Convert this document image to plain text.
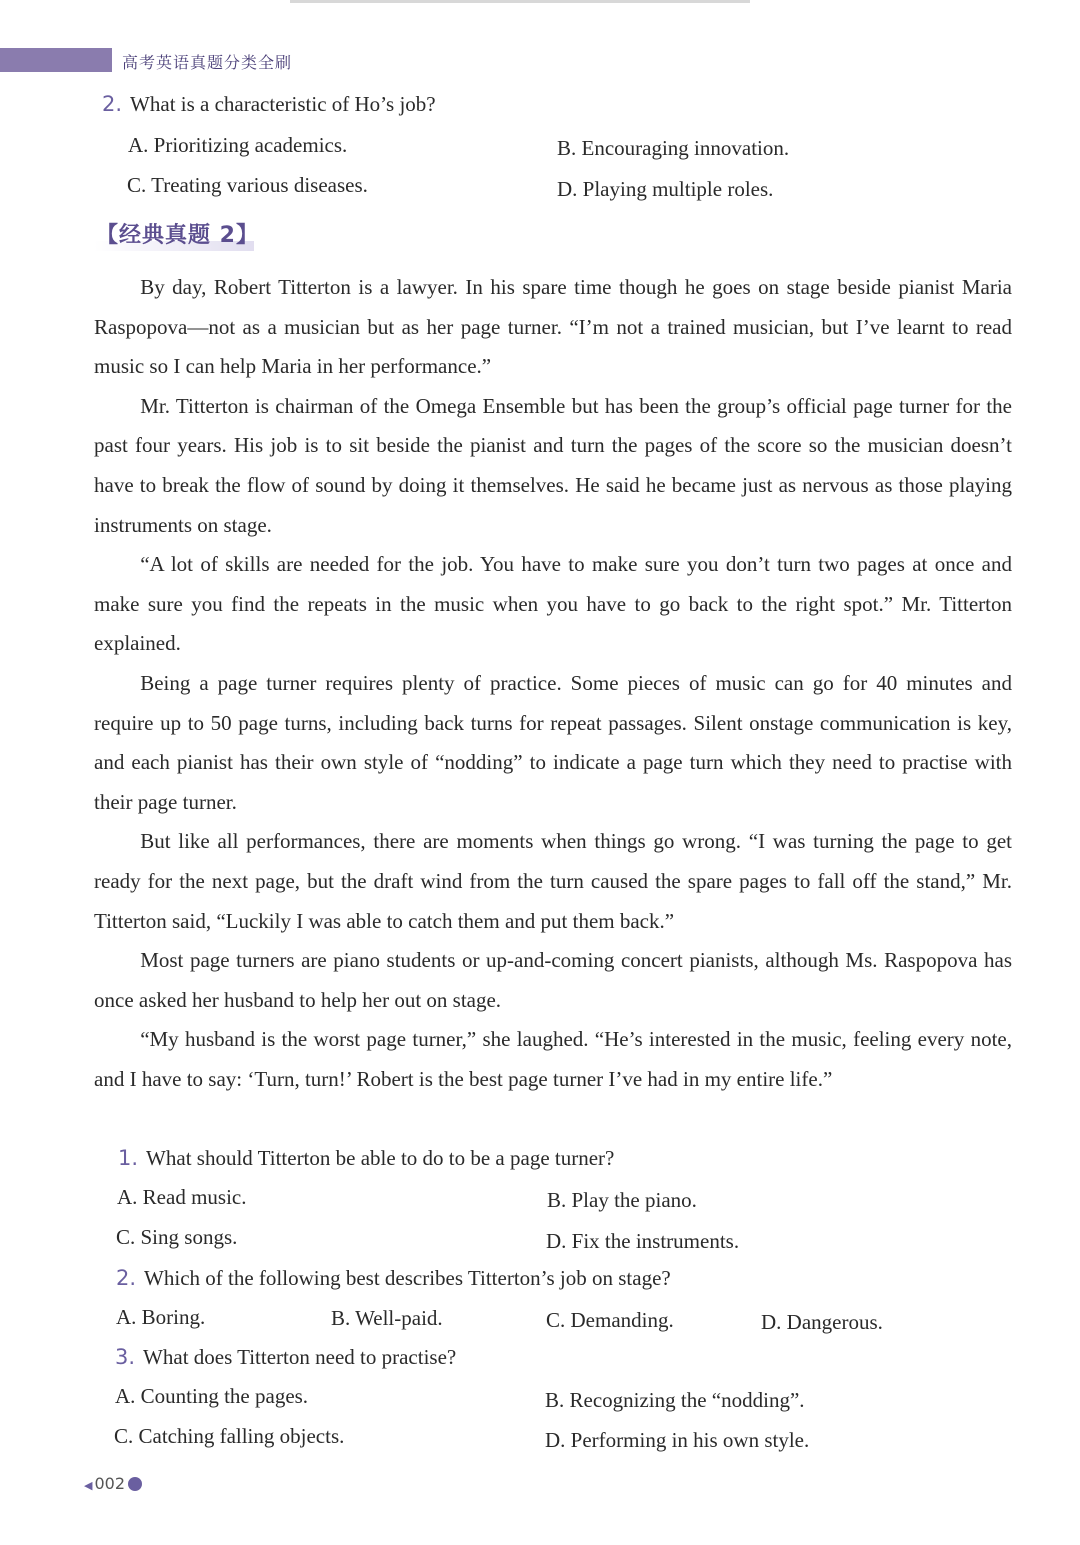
高考英语真题分类全刷
2. What is a characteristic of Ho’s job?
A. Prioritizing academics.	B. Encouraging innovation.
C. Treating various diseases.	D. Playing multiple roles.
【经典真题 2】

By day, Robert Titterton is a lawyer. In his spare time though he goes on stage beside pianist Maria Raspopova—not as a musician but as her page turner. “I’m not a trained musician, but I’ve learnt to read music so I can help Maria in her performance.”

Mr. Titterton is chairman of the Omega Ensemble but has been the group’s official page turner for the past four years. His job is to sit beside the pianist and turn the pages of the score so the musician doesn’t have to break the flow of sound by doing it themselves. He said he became just as nervous as those playing instruments on stage.

“A lot of skills are needed for the job. You have to make sure you don’t turn two pages at once and make sure you find the repeats in the music when you have to go back to the right spot.” Mr. Titterton explained.

Being a page turner requires plenty of practice. Some pieces of music can go for 40 minutes and require up to 50 page turns, including back turns for repeat passages. Silent onstage communication is key, and each pianist has their own style of “nodding” to indicate a page turn which they need to practise with their page turner.

But like all performances, there are moments when things go wrong. “I was turning the page to get ready for the next page, but the draft wind from the turn caused the spare pages to fall off the stand,” Mr. Titterton said, “Luckily I was able to catch them and put them back.”

Most page turners are piano students or up-and-coming concert pianists, although Ms. Raspopova has once asked her husband to help her out on stage.

“My husband is the worst page turner,” she laughed. “He’s interested in the music, feeling every note, and I have to say: ‘Turn, turn!’ Robert is the best page turner I’ve had in my entire life.”

1. What should Titterton be able to do to be a page turner?
A. Read music.	B. Play the piano.
C. Sing songs.	D. Fix the instruments.
2. Which of the following best describes Titterton’s job on stage?
A. Boring.	B. Well-paid.	C. Demanding.	D. Dangerous.
3. What does Titterton need to practise?
A. Counting the pages.	B. Recognizing the “nodding”.
C. Catching falling objects.	D. Performing in his own style.
◀ 002
